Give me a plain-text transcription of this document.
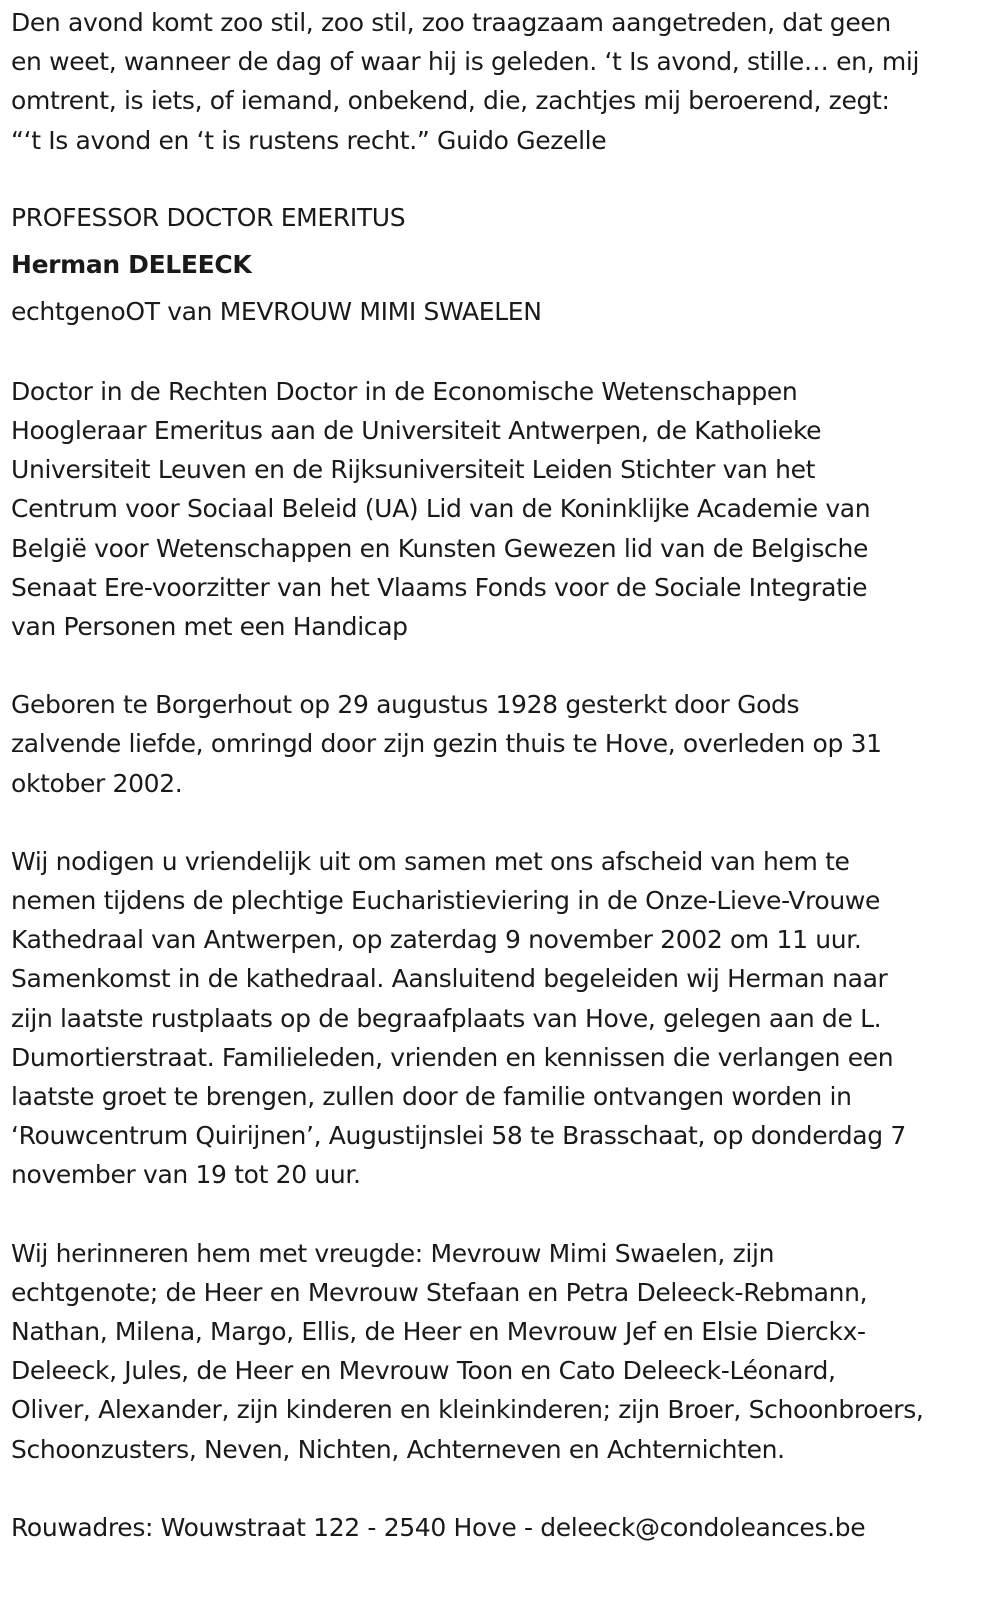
Den avond komt zoo stil, zoo stil, zoo traagzaam aangetreden, dat geen
en weet, wanneer de dag of waar hij is geleden. ‘t Is avond, stille… en, mij
omtrent, is iets, of iemand, onbekend, die, zachtjes mij beroerend, zegt:
“‘t Is avond en ‘t is rustens recht.” Guido Gezelle

PROFESSOR DOCTOR EMERITUS

Herman DELEECK

echtgenoOT van MEVROUW MIMI SWAELEN

Doctor in de Rechten Doctor in de Economische Wetenschappen
Hoogleraar Emeritus aan de Universiteit Antwerpen, de Katholieke
Universiteit Leuven en de Rijksuniversiteit Leiden Stichter van het
Centrum voor Sociaal Beleid (UA) Lid van de Koninklijke Academie van
België voor Wetenschappen en Kunsten Gewezen lid van de Belgische
Senaat Ere-voorzitter van het Vlaams Fonds voor de Sociale Integratie
van Personen met een Handicap

Geboren te Borgerhout op 29 augustus 1928 gesterkt door Gods
zalvende liefde, omringd door zijn gezin thuis te Hove, overleden op 31
oktober 2002.

Wij nodigen u vriendelijk uit om samen met ons afscheid van hem te
nemen tijdens de plechtige Eucharistieviering in de Onze-Lieve-Vrouwe
Kathedraal van Antwerpen, op zaterdag 9 november 2002 om 11 uur.
Samenkomst in de kathedraal. Aansluitend begeleiden wij Herman naar
zijn laatste rustplaats op de begraafplaats van Hove, gelegen aan de L.
Dumortierstraat. Familieleden, vrienden en kennissen die verlangen een
laatste groet te brengen, zullen door de familie ontvangen worden in
‘Rouwcentrum Quirijnen’, Augustijnslei 58 te Brasschaat, op donderdag 7
november van 19 tot 20 uur.

Wij herinneren hem met vreugde: Mevrouw Mimi Swaelen, zijn
echtgenote; de Heer en Mevrouw Stefaan en Petra Deleeck-Rebmann,
Nathan, Milena, Margo, Ellis, de Heer en Mevrouw Jef en Elsie Dierckx-
Deleeck, Jules, de Heer en Mevrouw Toon en Cato Deleeck-Léonard,
Oliver, Alexander, zijn kinderen en kleinkinderen; zijn Broer, Schoonbroers,
Schoonzusters, Neven, Nichten, Achterneven en Achternichten.

Rouwadres: Wouwstraat 122 - 2540 Hove - deleeck@condoleances.be
